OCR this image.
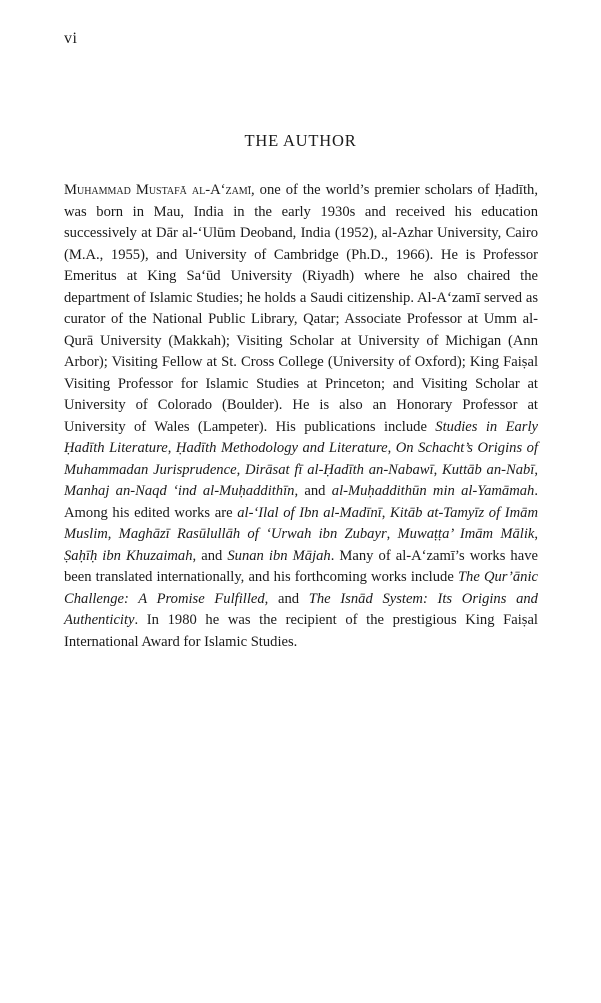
vi
THE AUTHOR

Muhammad Mustafā al-A‘zamī, one of the world’s premier scholars of Ḥadīth, was born in Mau, India in the early 1930s and received his education successively at Dār al-‘Ulūm Deoband, India (1952), al-Azhar University, Cairo (M.A., 1955), and University of Cambridge (Ph.D., 1966). He is Professor Emeritus at King Sa‘ūd University (Riyadh) where he also chaired the department of Islamic Studies; he holds a Saudi citizenship. Al-A‘zamī served as curator of the National Public Library, Qatar; Associate Professor at Umm al-Qurā University (Makkah); Visiting Scholar at University of Michigan (Ann Arbor); Visiting Fellow at St. Cross College (University of Oxford); King Faiṣal Visiting Professor for Islamic Studies at Princeton; and Visiting Scholar at University of Colorado (Boulder). He is also an Honorary Professor at University of Wales (Lampeter). His publications include Studies in Early Ḥadīth Literature, Ḥadīth Methodology and Literature, On Schacht’s Origins of Muhammadan Jurisprudence, Dirāsat fī al-Ḥadīth an-Nabawī, Kuttāb an-Nabī, Manhaj an-Naqd ‘ind al-Muḥaddithīn, and al-Muḥaddithūn min al-Yamāmah. Among his edited works are al-‘Ilal of Ibn al-Madīnī, Kitāb at-Tamyīz of Imām Muslim, Maghāzī Rasūlullāh of ‘Urwah ibn Zubayr, Muwaṭṭa’ Imām Mālik, Ṣaḥīḥ ibn Khuzaimah, and Sunan ibn Mājah. Many of al-A‘zamī’s works have been translated internationally, and his forthcoming works include The Qur’ānic Challenge: A Promise Fulfilled, and The Isnād System: Its Origins and Authenticity. In 1980 he was the recipient of the prestigious King Faiṣal International Award for Islamic Studies.
